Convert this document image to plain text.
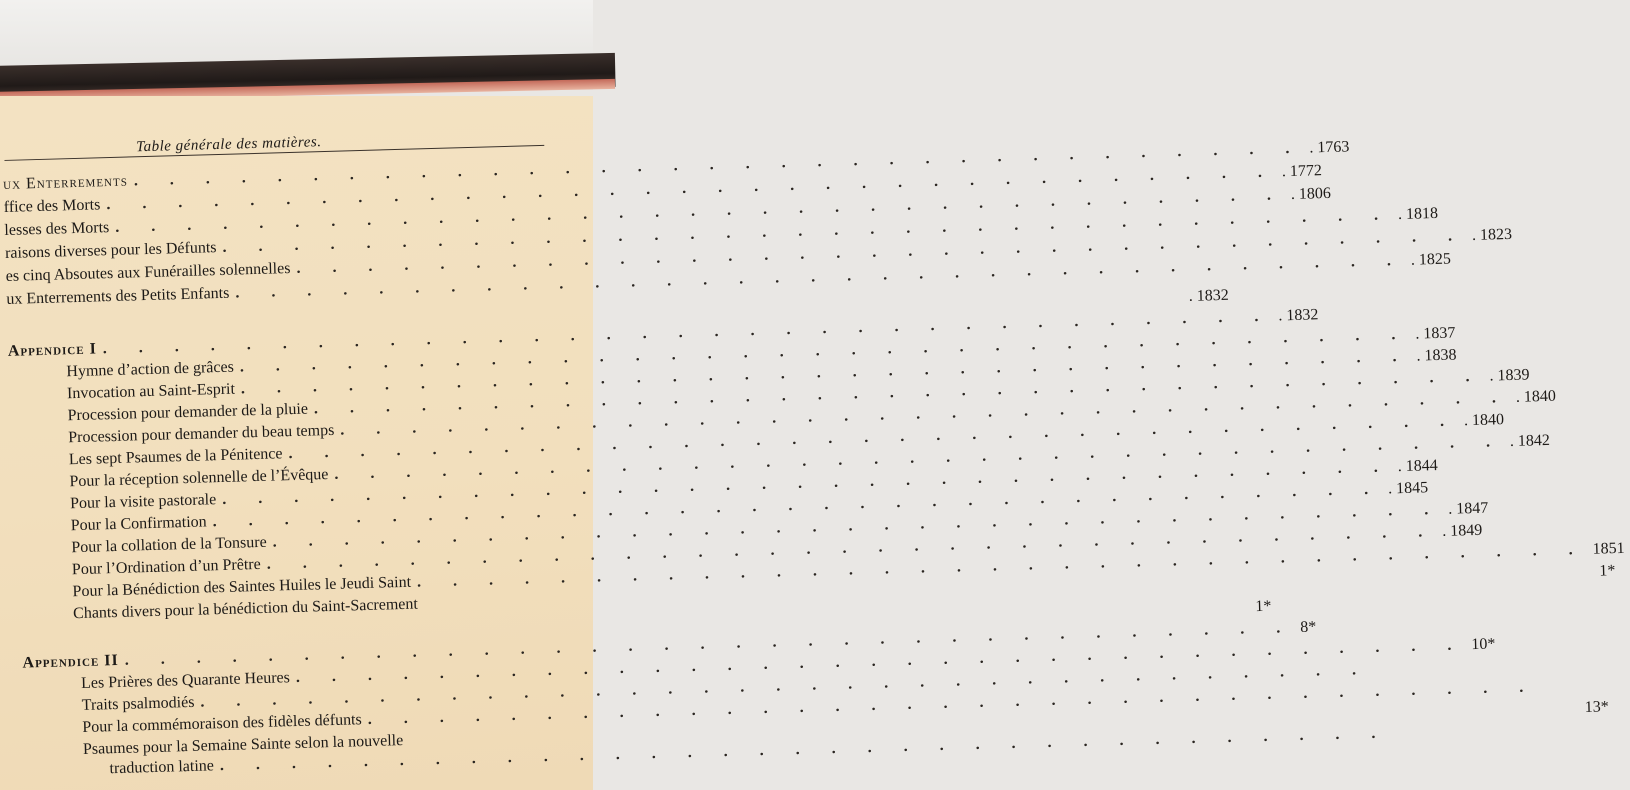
Table générale des matières.
ux Enterrements
. . .
. 1763
ffice des Morts
. . .
. 1772
lesses des Morts
. . .
. 1806
raisons diverses pour les Défunts
. . .
. 1818
es cinq Absoutes aux Funérailles solennelles
. . .
. 1823
ux Enterrements des Petits Enfants
. . .
. 1825
. 1832
Appendice I
. . .
. 1832
Hymne d’action de grâces
. . .
. 1837
Invocation au Saint-Esprit
. . .
. 1838
Procession pour demander de la pluie
. . .
. 1839
Procession pour demander du beau temps
. . .
. 1840
Les sept Psaumes de la Pénitence
. . .
. 1840
Pour la réception solennelle de l’Évêque
. . .
. 1842
Pour la visite pastorale
. . .
. 1844
Pour la Confirmation
. . .
. 1845
Pour la collation de la Tonsure
. . .
. 1847
Pour l’Ordination d’un Prêtre
. . .
. 1849
Pour la Bénédiction des Saintes Huiles le Jeudi Saint
. . .
1851
Chants divers pour la bénédiction du Saint-Sacrement
1*
1*
Appendice II
. . .
8*
Les Prières des Quarante Heures
. . .
10*
Traits psalmodiés
. . .
Pour la commémoraison des fidèles défunts
. . .
Psaumes pour la Semaine Sainte selon la nouvelle
13*
traduction latine
. . .
